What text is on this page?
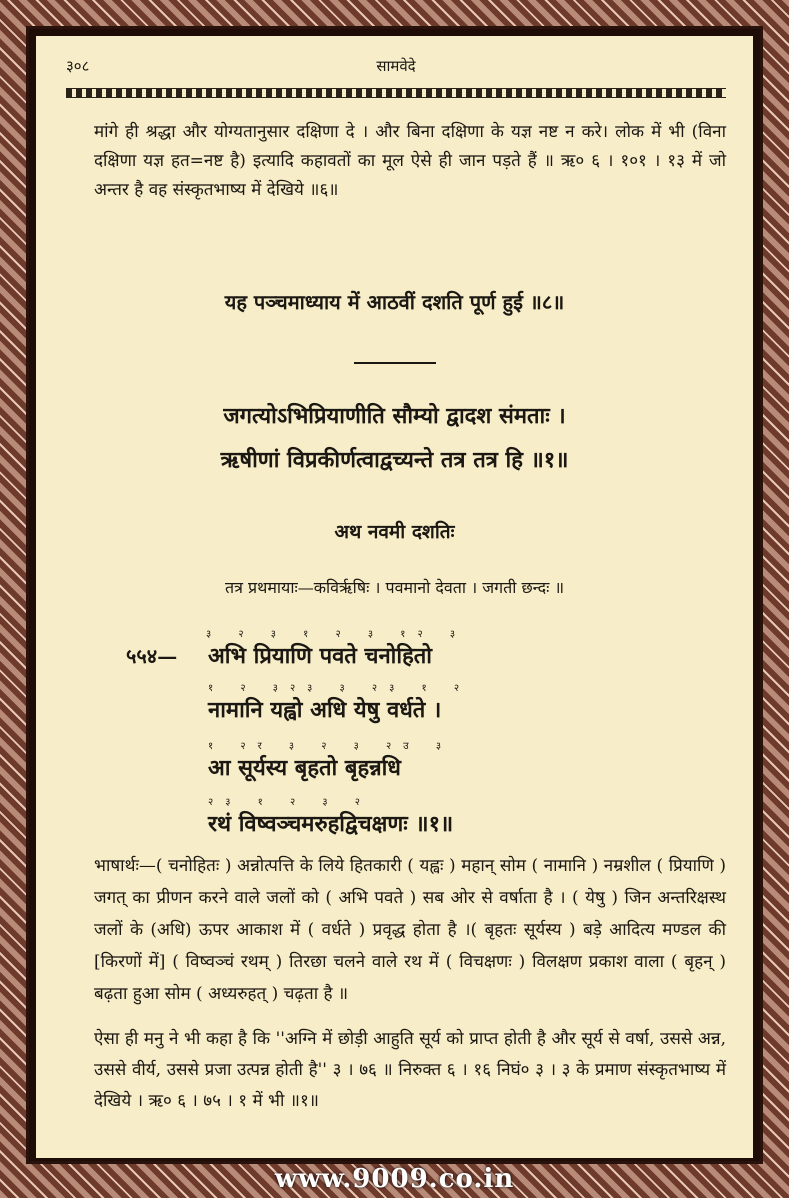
३०८	सामवेदे
मांगे ही श्रद्धा और योग्यतानुसार दक्षिणा दे । और बिना दक्षिणा के यज्ञ नष्ट न करे। लोक में भी (विना दक्षिणा यज्ञ हत=नष्ट है) इत्यादि कहावतों का मूल ऐसे ही जान पड़ते हैं ॥ ऋ० ६ । १०१ । १३ में जो अन्तर है वह संस्कृतभाष्य में देखिये ॥६॥
यह पञ्चमाध्याय में आठवीं दशति पूर्ण हुई ॥८॥
जगत्योऽभिप्रियाणीति सौम्यो द्वादश संमताः ।
ऋषीणां विप्रकीर्णत्वाद्वच्यन्ते तत्र तत्र हि ॥१॥
अथ नवमी दशतिः
तत्र प्रथमायाः—कविर्ऋषिः । पवमानो देवता । जगती छन्दः ॥
५५४—
३ २ ३ १ २ ३ १२ ३
अभि प्रियाणि पवते चनोहितो
१ २ ३२३ ३ २३ १ २
नामानि यह्वो अधि येषु वर्धते ।
१ २र ३ २ ३ २उ ३
आ सूर्यस्य बृहतो बृहन्नधि
२३ १ २ ३ २
रथं विष्वञ्चमरुहद्विचक्षणः ॥१॥
भाषार्थः—( चनोहितः ) अन्नोत्पत्ति के लिये हितकारी ( यह्वः ) महान् सोम ( नामानि ) नम्रशील ( प्रियाणि ) जगत् का प्रीणन करने वाले जलों को ( अभि पवते ) सब ओर से वर्षाता है । ( येषु ) जिन अन्तरिक्षस्थ जलों के (अधि) ऊपर आकाश में ( वर्धते ) प्रवृद्ध होता है ।( बृहतः सूर्यस्य ) बड़े आदित्य मण्डल की [किरणों में] ( विष्वञ्चं रथम् ) तिरछा चलने वाले रथ में ( विचक्षणः ) विलक्षण प्रकाश वाला ( बृहन् ) बढ़ता हुआ सोम ( अध्यरुहत् ) चढ़ता है ॥
ऐसा ही मनु ने भी कहा है कि ''अग्नि में छोड़ी आहुति सूर्य को प्राप्त होती है और सूर्य से वर्षा, उससे अन्न, उससे वीर्य, उससे प्रजा उत्पन्न होती है'' ३ । ७६ ॥ निरुक्त ६ । १६ निघं० ३ । ३ के प्रमाण संस्कृतभाष्य में देखिये । ऋ० ६ । ७५ । १ में भी ॥१॥
www.9009.co.in
